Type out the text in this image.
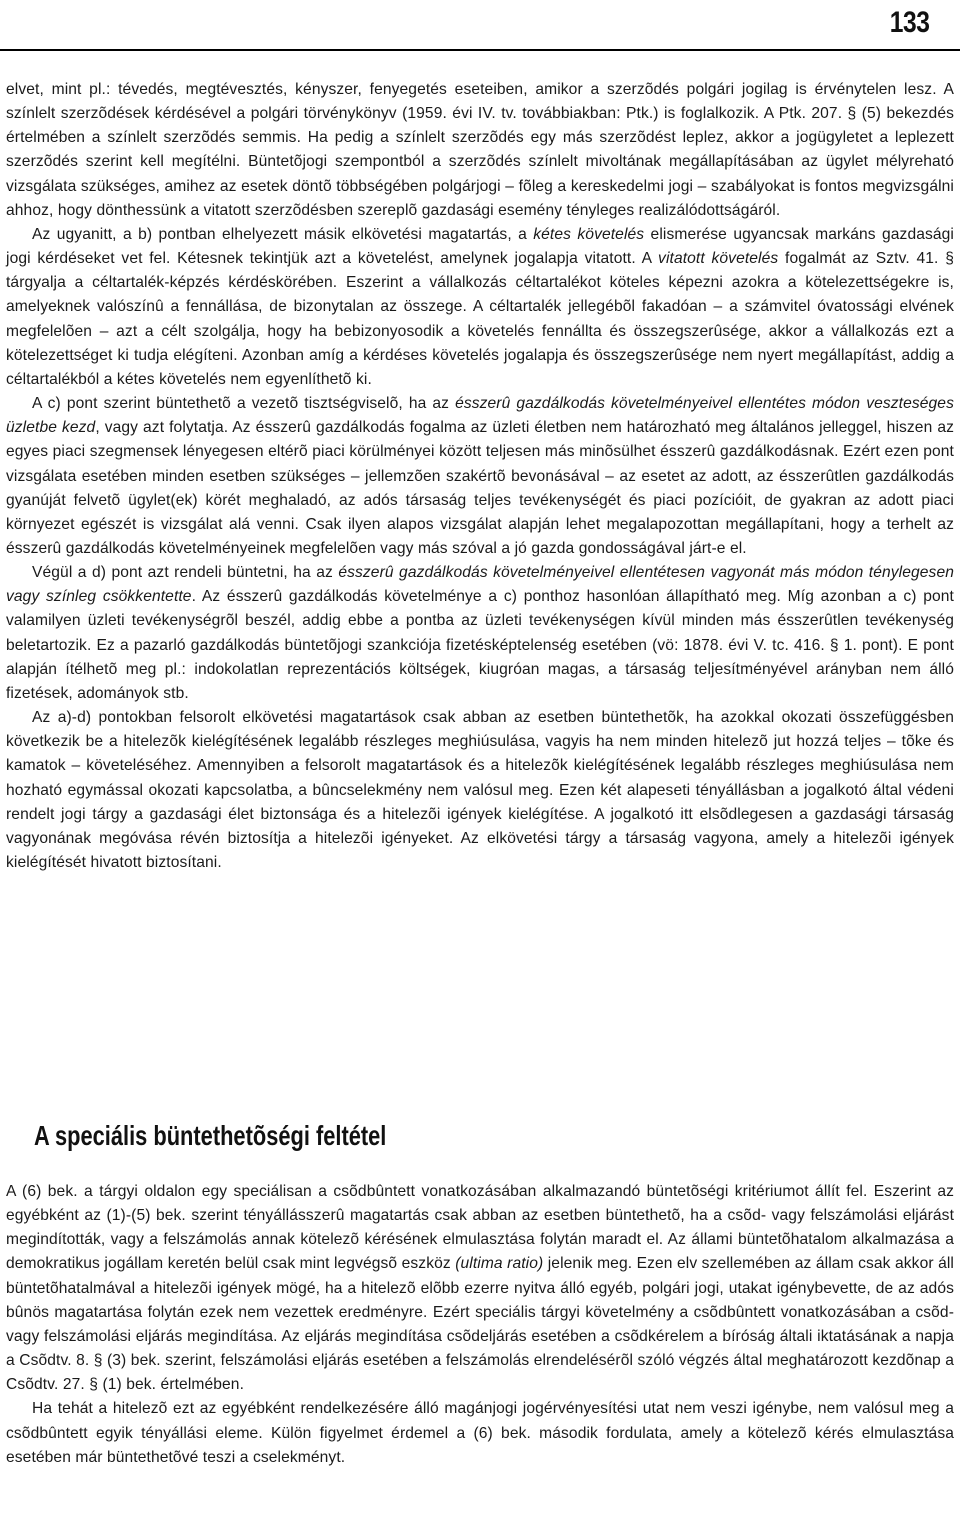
133

elvet, mint pl.: tévedés, megtévesztés, kényszer, fenyegetés eseteiben, amikor a szerzõdés polgári jogilag is érvénytelen lesz. A színlelt szerzõdések kérdésével a polgári törvénykönyv (1959. évi IV. tv. továbbiakban: Ptk.) is foglalkozik. A Ptk. 207. § (5) bekezdés értelmében a színlelt szerzõdés semmis. Ha pedig a színlelt szerzõdés egy más szerzõdést leplez, akkor a jogügyletet a leplezett szerzõdés szerint kell megítélni. Büntetõjogi szempontból a szerzõdés színlelt mivoltának megállapításában az ügylet mélyreható vizsgálata szükséges, amihez az esetek döntõ többségében polgárjogi – fõleg a kereskedelmi jogi – szabályokat is fontos megvizsgálni ahhoz, hogy dönthessünk a vitatott szerzõdésben szereplõ gazdasági esemény tényleges realizálódottságáról.

Az ugyanitt, a b) pontban elhelyezett másik elkövetési magatartás, a kétes követelés elismerése ugyancsak markáns gazdasági jogi kérdéseket vet fel. Kétesnek tekintjük azt a követelést, amelynek jogalapja vitatott. A vitatott követelés fogalmát az Sztv. 41. § tárgyalja a céltartalék-képzés kérdéskörében. Eszerint a vállalkozás céltartalékot köteles képezni azokra a kötelezettségekre is, amelyeknek valószínû a fennállása, de bizonytalan az összege. A céltartalék jellegébõl fakadóan – a számvitel óvatossági elvének megfelelõen – azt a célt szolgálja, hogy ha bebizonyosodik a követelés fennállta és összegszerûsége, akkor a vállalkozás ezt a kötelezettséget ki tudja elégíteni. Azonban amíg a kérdéses követelés jogalapja és összegszerûsége nem nyert megállapítást, addig a céltartalékból a kétes követelés nem egyenlíthetõ ki.

A c) pont szerint büntethetõ a vezetõ tisztségviselõ, ha az ésszerû gazdálkodás követelményeivel ellentétes módon veszteséges üzletbe kezd, vagy azt folytatja. Az ésszerû gazdálkodás fogalma az üzleti életben nem határozható meg általános jelleggel, hiszen az egyes piaci szegmensek lényegesen eltérõ piaci körülményei között teljesen más minõsülhet ésszerû gazdálkodásnak. Ezért ezen pont vizsgálata esetében minden esetben szükséges – jellemzõen szakértõ bevonásával – az esetet az adott, az ésszerûtlen gazdálkodás gyanúját felvetõ ügylet(ek) körét meghaladó, az adós társaság teljes tevékenységét és piaci pozícióit, de gyakran az adott piaci környezet egészét is vizsgálat alá venni. Csak ilyen alapos vizsgálat alapján lehet megalapozottan megállapítani, hogy a terhelt az ésszerû gazdálkodás követelményeinek megfelelõen vagy más szóval a jó gazda gondosságával járt-e el.

Végül a d) pont azt rendeli büntetni, ha az ésszerû gazdálkodás követelményeivel ellentétesen vagyonát más módon ténylegesen vagy színleg csökkentette. Az ésszerû gazdálkodás követelménye a c) ponthoz hasonlóan állapítható meg. Míg azonban a c) pont valamilyen üzleti tevékenységrõl beszél, addig ebbe a pontba az üzleti tevékenységen kívül minden más ésszerûtlen tevékenység beletartozik. Ez a pazarló gazdálkodás büntetõjogi szankciója fizetésképtelenség esetében (vö: 1878. évi V. tc. 416. § 1. pont). E pont alapján ítélhetõ meg pl.: indokolatlan reprezentációs költségek, kiugróan magas, a társaság teljesítményével arányban nem álló fizetések, adományok stb.

Az a)-d) pontokban felsorolt elkövetési magatartások csak abban az esetben büntethetõk, ha azokkal okozati összefüggésben következik be a hitelezõk kielégítésének legalább részleges meghiúsulása, vagyis ha nem minden hitelezõ jut hozzá teljes – tõke és kamatok – követeléséhez. Amennyiben a felsorolt magatartások és a hitelezõk kielégítésének legalább részleges meghiúsulása nem hozható egymással okozati kapcsolatba, a bûncselekmény nem valósul meg. Ezen két alapeseti tényállásban a jogalkotó által védeni rendelt jogi tárgy a gazdasági élet biztonsága és a hitelezõi igények kielégítése. A jogalkotó itt elsõdlegesen a gazdasági társaság vagyonának megóvása révén biztosítja a hitelezõi igényeket. Az elkövetési tárgy a társaság vagyona, amely a hitelezõi igények kielégítését hivatott biztosítani.

A speciális büntethetõségi feltétel

A (6) bek. a tárgyi oldalon egy speciálisan a csõdbûntett vonatkozásában alkalmazandó büntetõségi kritériumot állít fel. Eszerint az egyébként az (1)-(5) bek. szerint tényállásszerû magatartás csak abban az esetben büntethetõ, ha a csõd- vagy felszámolási eljárást megindították, vagy a felszámolás annak kötelezõ kérésének elmulasztása folytán maradt el. Az állami büntetõhatalom alkalmazása a demokratikus jogállam keretén belül csak mint legvégsõ eszköz (ultima ratio) jelenik meg. Ezen elv szellemében az állam csak akkor áll büntetõhatalmával a hitelezõi igények mögé, ha a hitelezõ elõbb ezerre nyitva álló egyéb, polgári jogi, utakat igénybevette, de az adós bûnös magatartása folytán ezek nem vezettek eredményre. Ezért speciális tárgyi követelmény a csõdbûntett vonatkozásában a csõd- vagy felszámolási eljárás megindítása. Az eljárás megindítása csõdeljárás esetében a csõdkérelem a bíróság általi iktatásának a napja a Csõdtv. 8. § (3) bek. szerint, felszámolási eljárás esetében a felszámolás elrendelésérõl szóló végzés által meghatározott kezdõnap a Csõdtv. 27. § (1) bek. értelmében.

Ha tehát a hitelezõ ezt az egyébként rendelkezésére álló magánjogi jogérvényesítési utat nem veszi igénybe, nem valósul meg a csõdbûntett egyik tényállási eleme. Külön figyelmet érdemel a (6) bek. második fordulata, amely a kötelezõ kérés elmulasztása esetében már büntethetõvé teszi a cselekményt.
